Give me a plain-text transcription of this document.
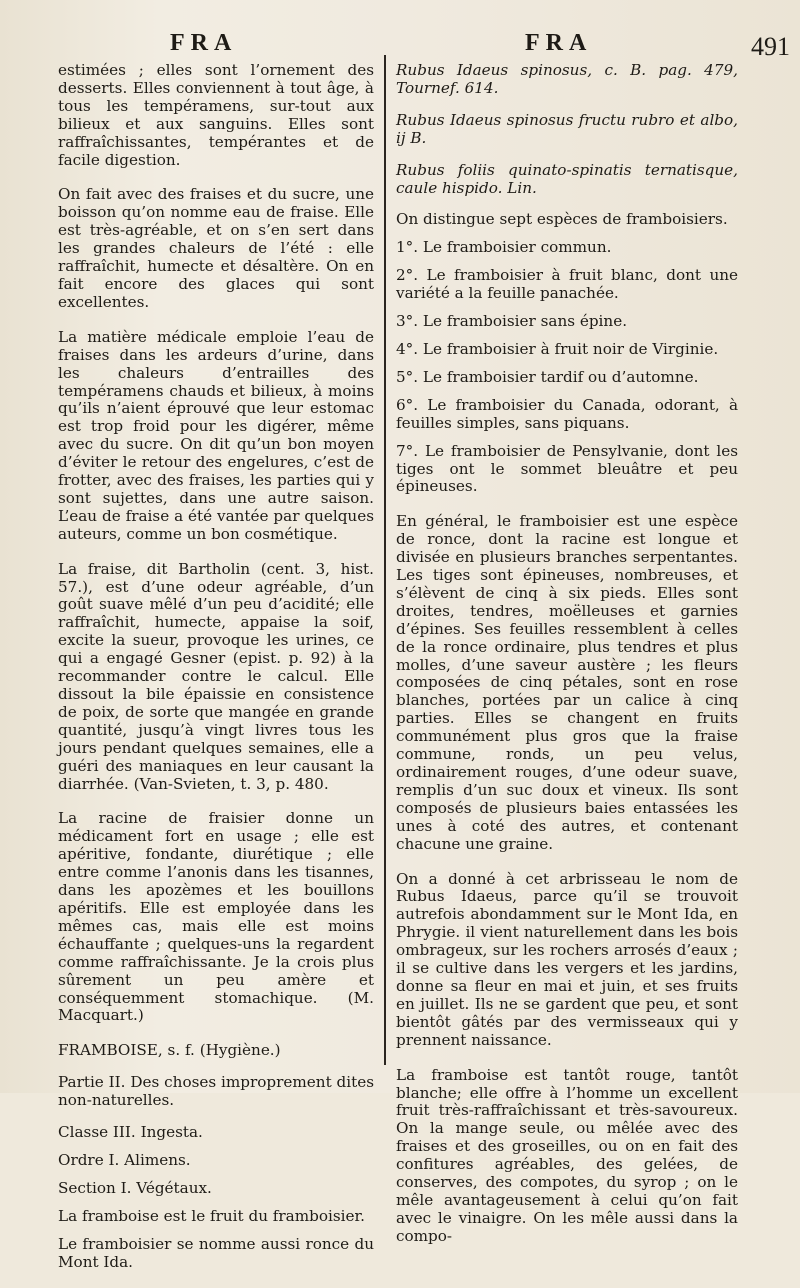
FRA	FRA	491

estimées ; elles sont l’ornement des desserts. Elles conviennent à tout âge, à tous les tempéramens, sur-tout aux bilieux et aux sanguins. Elles sont raffraîchissantes, tempérantes et de facile digestion.

On fait avec des fraises et du sucre, une boisson qu’on nomme eau de fraise. Elle est très-agréable, et on s’en sert dans les grandes chaleurs de l’été : elle raffraîchit, humecte et désaltère. On en fait encore des glaces qui sont excellentes.

La matière médicale emploie l’eau de fraises dans les ardeurs d’urine, dans les chaleurs d’entrailles des tempéramens chauds et bilieux, à moins qu’ils n’aient éprouvé que leur estomac est trop froid pour les digérer, même avec du sucre. On dit qu’un bon moyen d’éviter le retour des engelures, c’est de frotter, avec des fraises, les parties qui y sont sujettes, dans une autre saison. L’eau de fraise a été vantée par quelques auteurs, comme un bon cosmétique.

La fraise, dit Bartholin (cent. 3, hist. 57.), est d’une odeur agréable, d’un goût suave mêlé d’un peu d’acidité; elle raffraîchit, humecte, appaise la soif, excite la sueur, provoque les urines, ce qui a engagé Gesner (epist. p. 92) à la recommander contre le calcul. Elle dissout la bile épaissie en consistence de poix, de sorte que mangée en grande quantité, jusqu’à vingt livres tous les jours pendant quelques semaines, elle a guéri des maniaques en leur causant la diarrhée. (Van-Svieten, t. 3, p. 480.

La racine de fraisier donne un médicament fort en usage ; elle est apéritive, fondante, diurétique ; elle entre comme l’anonis dans les tisannes, dans les apozèmes et les bouillons apéritifs. Elle est employée dans les mêmes cas, mais elle est moins échauffante ; quelques-uns la regardent comme raffraîchissante. Je la crois plus sûrement un peu amère et conséquemment stomachique. (M. Macquart.)

FRAMBOISE, s. f. (Hygiène.)

Partie II. Des choses improprement dites non-naturelles.

Classe III. Ingesta.

Ordre I. Alimens.

Section I. Végétaux.

La framboise est le fruit du framboisier.

Le framboisier se nomme aussi ronce du Mont Ida.

Rubus Idaeus spinosus, c. B. pag. 479, Tournef. 614.

Rubus Idaeus spinosus fructu rubro et albo, ij B.

Rubus foliis quinato-spinatis ternatisque, caule hispido. Lin.

On distingue sept espèces de framboisiers.

1°. Le framboisier commun.

2°. Le framboisier à fruit blanc, dont une variété a la feuille panachée.

3°. Le framboisier sans épine.

4°. Le framboisier à fruit noir de Virginie.

5°. Le framboisier tardif ou d’automne.

6°. Le framboisier du Canada, odorant, à feuilles simples, sans piquans.

7°. Le framboisier de Pensylvanie, dont les tiges ont le sommet bleuâtre et peu épineuses.

En général, le framboisier est une espèce de ronce, dont la racine est longue et divisée en plusieurs branches serpentantes. Les tiges sont épineuses, nombreuses, et s’élèvent de cinq à six pieds. Elles sont droites, tendres, moëlleuses et garnies d’épines. Ses feuilles ressemblent à celles de la ronce ordinaire, plus tendres et plus molles, d’une saveur austère ; les fleurs composées de cinq pétales, sont en rose blanches, portées par un calice à cinq parties. Elles se changent en fruits communément plus gros que la fraise commune, ronds, un peu velus, ordinairement rouges, d’une odeur suave, remplis d’un suc doux et vineux. Ils sont composés de plusieurs baies entassées les unes à coté des autres, et contenant chacune une graine.

On a donné à cet arbrisseau le nom de Rubus Idaeus, parce qu’il se trouvoit autrefois abondamment sur le Mont Ida, en Phrygie. il vient naturellement dans les bois ombrageux, sur les rochers arrosés d’eaux ; il se cultive dans les vergers et les jardins, donne sa fleur en mai et juin, et ses fruits en juillet. Ils ne se gardent que peu, et sont bientôt gâtés par des vermisseaux qui y prennent naissance.

La framboise est tantôt rouge, tantôt blanche; elle offre à l’homme un excellent fruit très-raffraîchissant et très-savoureux. On la mange seule, ou mêlée avec des fraises et des groseilles, ou on en fait des confitures agréables, des gelées, de conserves, des compotes, du syrop ; on le mêle avantageusement à celui qu’on fait avec le vinaigre. On les mêle aussi dans la compo-
